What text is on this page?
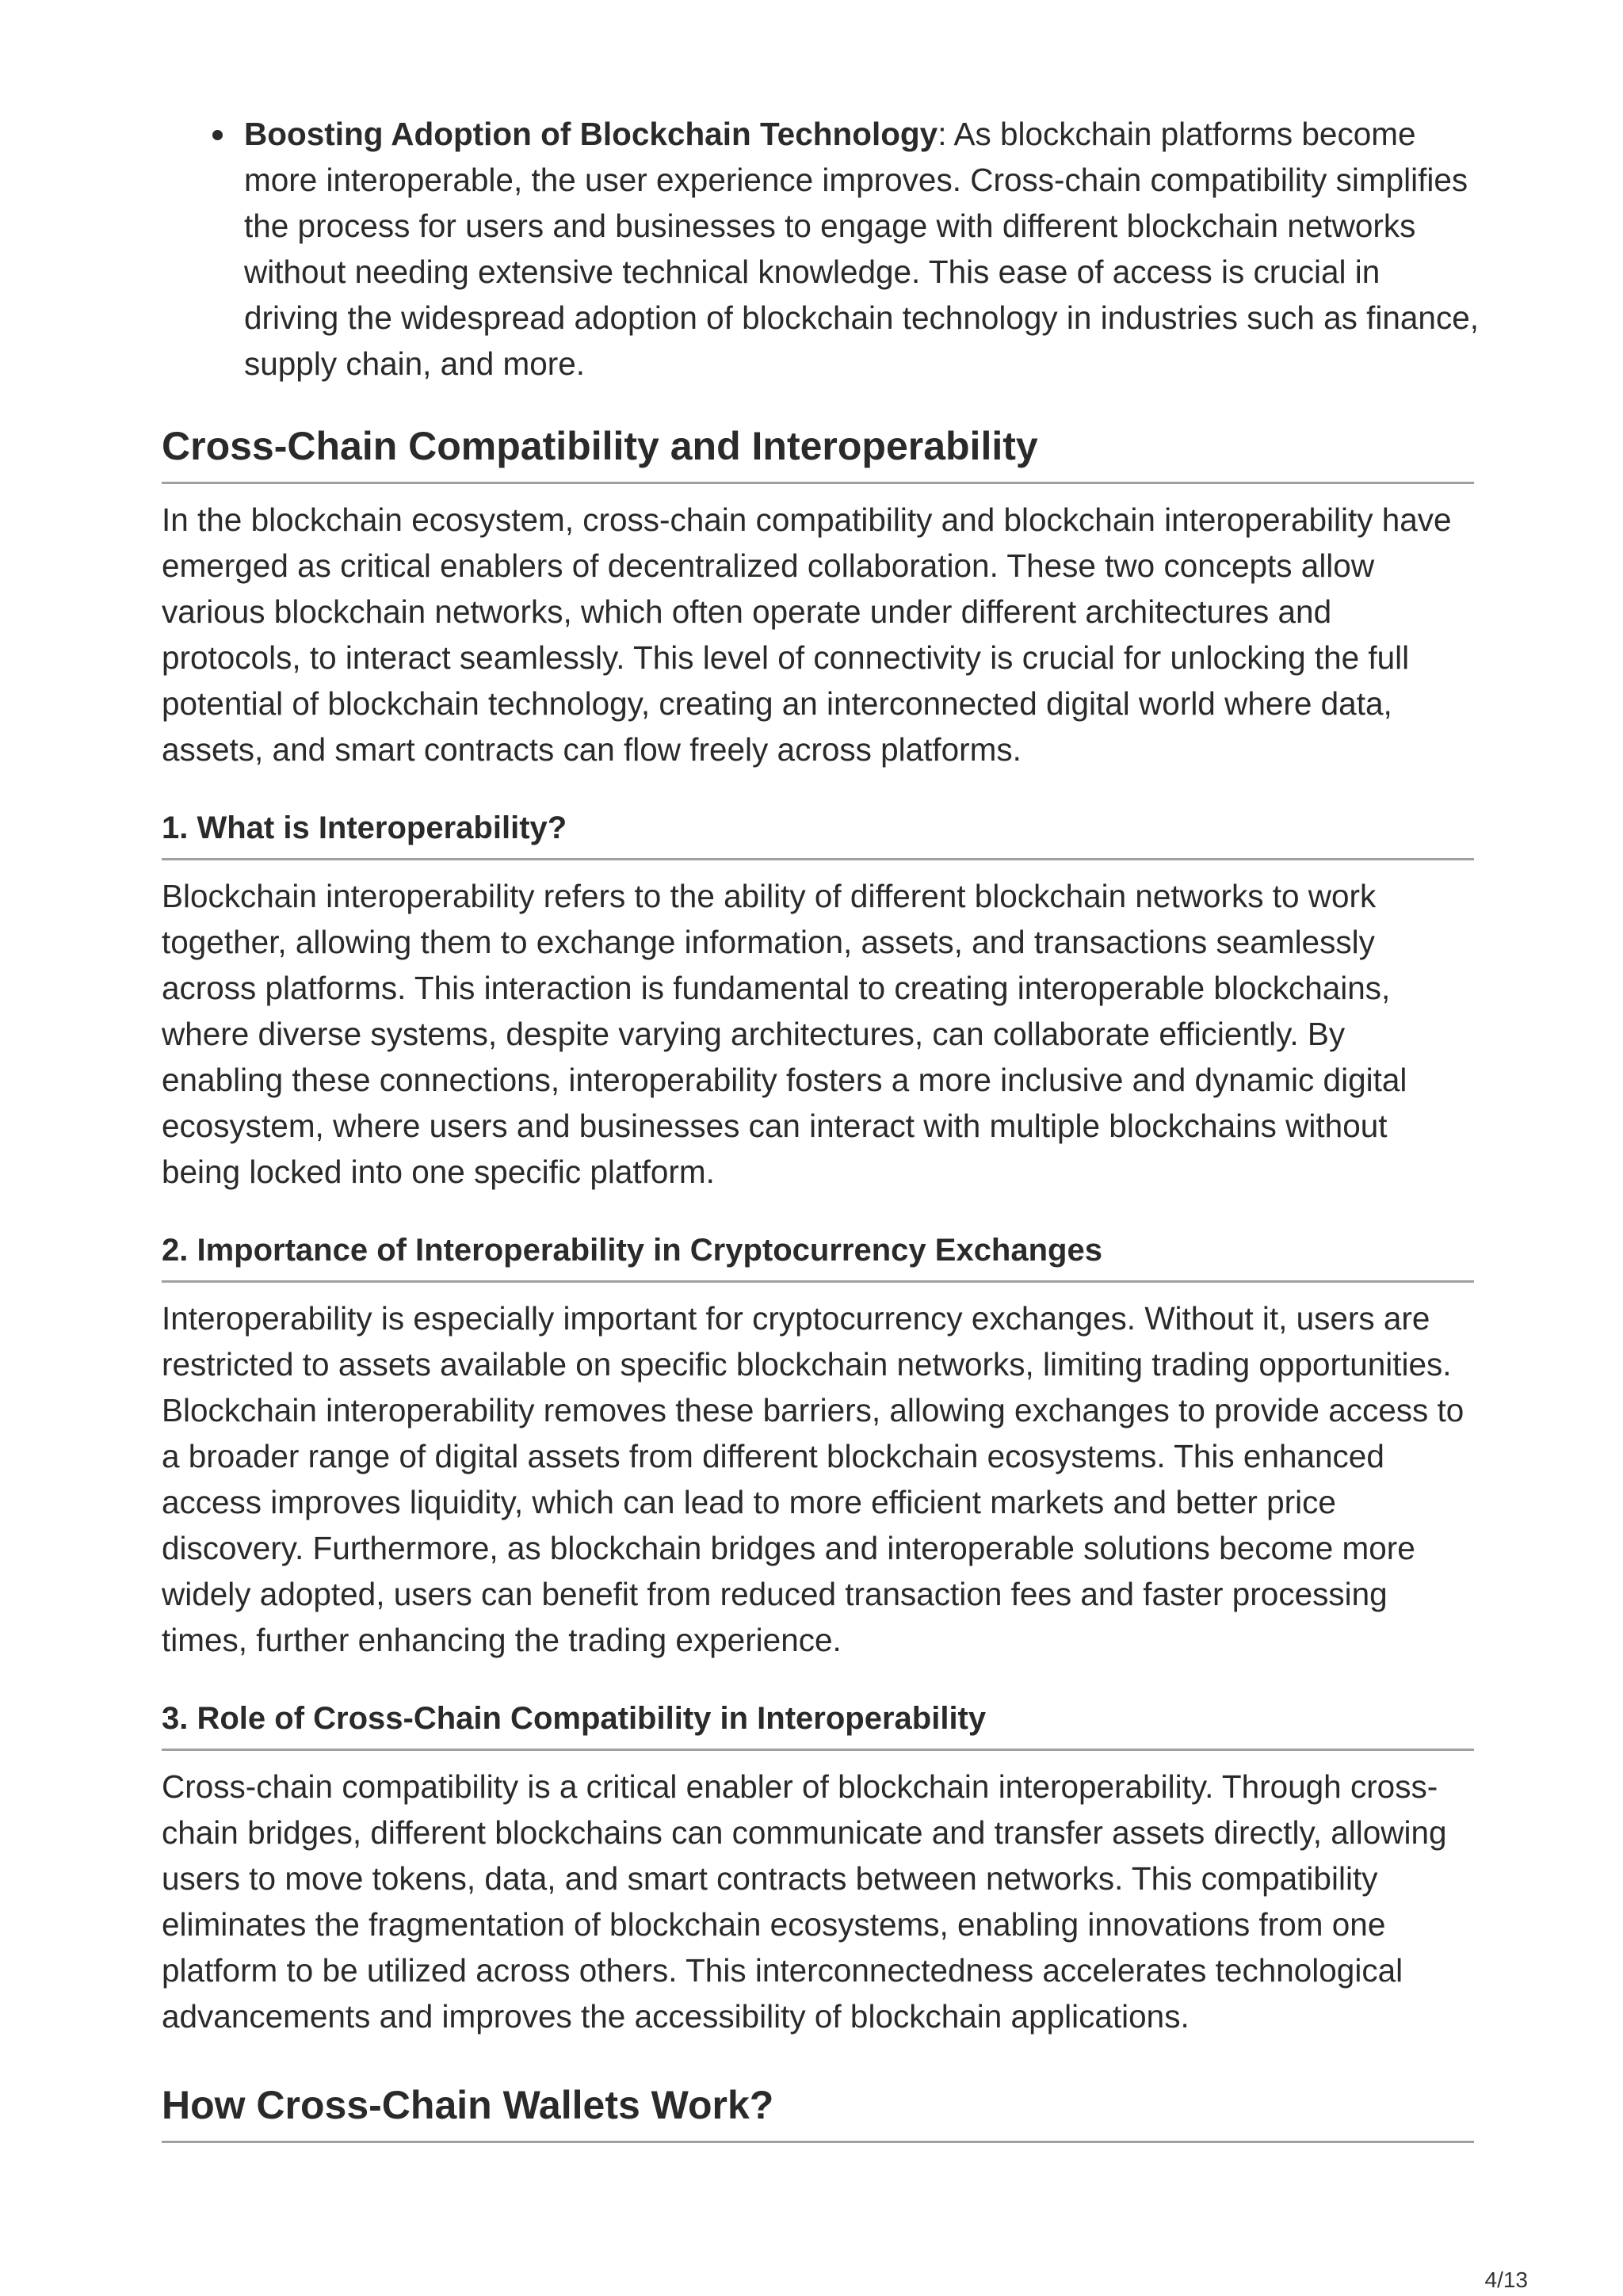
Boosting Adoption of Blockchain Technology: As blockchain platforms become more interoperable, the user experience improves. Cross-chain compatibility simplifies the process for users and businesses to engage with different blockchain networks without needing extensive technical knowledge. This ease of access is crucial in driving the widespread adoption of blockchain technology in industries such as finance, supply chain, and more.
Cross-Chain Compatibility and Interoperability

In the blockchain ecosystem, cross-chain compatibility and blockchain interoperability have emerged as critical enablers of decentralized collaboration. These two concepts allow various blockchain networks, which often operate under different architectures and protocols, to interact seamlessly. This level of connectivity is crucial for unlocking the full potential of blockchain technology, creating an interconnected digital world where data, assets, and smart contracts can flow freely across platforms.

1. What is Interoperability?

Blockchain interoperability refers to the ability of different blockchain networks to work together, allowing them to exchange information, assets, and transactions seamlessly across platforms. This interaction is fundamental to creating interoperable blockchains, where diverse systems, despite varying architectures, can collaborate efficiently. By enabling these connections, interoperability fosters a more inclusive and dynamic digital ecosystem, where users and businesses can interact with multiple blockchains without being locked into one specific platform.

2. Importance of Interoperability in Cryptocurrency Exchanges

Interoperability is especially important for cryptocurrency exchanges. Without it, users are restricted to assets available on specific blockchain networks, limiting trading opportunities. Blockchain interoperability removes these barriers, allowing exchanges to provide access to a broader range of digital assets from different blockchain ecosystems. This enhanced access improves liquidity, which can lead to more efficient markets and better price discovery. Furthermore, as blockchain bridges and interoperable solutions become more widely adopted, users can benefit from reduced transaction fees and faster processing times, further enhancing the trading experience.

3. Role of Cross-Chain Compatibility in Interoperability

Cross-chain compatibility is a critical enabler of blockchain interoperability. Through cross-chain bridges, different blockchains can communicate and transfer assets directly, allowing users to move tokens, data, and smart contracts between networks. This compatibility eliminates the fragmentation of blockchain ecosystems, enabling innovations from one platform to be utilized across others. This interconnectedness accelerates technological advancements and improves the accessibility of blockchain applications.

How Cross-Chain Wallets Work?
4/13
